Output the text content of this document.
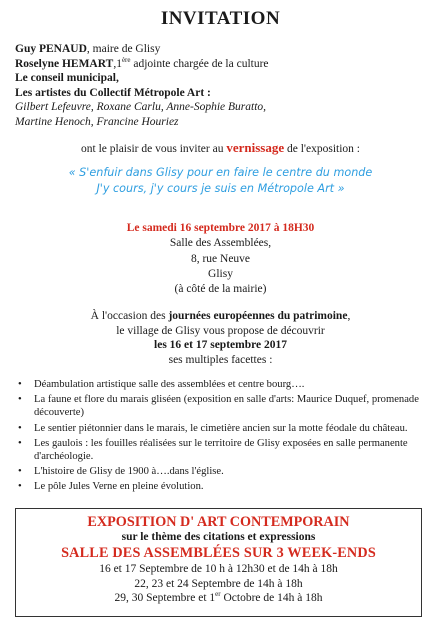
INVITATION
Guy PENAUD, maire de Glisy
Roselyne HEMART,1ère adjointe chargée de la culture
Le conseil municipal,
Les artistes du Collectif Métropole Art :
Gilbert Lefeuvre, Roxane Carlu, Anne-Sophie Buratto,
Martine Henoch, Francine Houriez
ont le plaisir de vous inviter au vernissage de l'exposition :
« S'enfuir dans Glisy pour en faire le centre du monde
J'y cours, j'y cours je suis en Métropole Art »
Le samedi 16 septembre 2017 à 18H30
Salle des Assemblées,
8, rue Neuve
Glisy
(à côté de la mairie)
À l'occasion des journées européennes du patrimoine,
le village de Glisy vous propose de découvrir
les 16 et 17 septembre 2017
ses multiples facettes :
• Déambulation artistique salle des assemblées et centre bourg….
• La faune et flore du marais gliséen (exposition en salle d'arts: Maurice Duquef, promenade découverte)
• Le sentier piétonnier dans le marais, le cimetière ancien sur la motte féodale du château.
• Les gaulois : les fouilles réalisées sur le territoire de Glisy exposées en salle permanente d'archéologie.
• L'histoire de Glisy de 1900 à….dans l'église.
• Le pôle Jules Verne en pleine évolution.
EXPOSITION D' ART CONTEMPORAIN
sur le thème des citations et expressions
SALLE DES ASSEMBLÉES SUR 3 WEEK-ENDS
16 et 17 Septembre de 10 h à 12h30 et de 14h à 18h
22, 23 et 24 Septembre de 14h à 18h
29, 30 Septembre et 1er Octobre de 14h à 18h
